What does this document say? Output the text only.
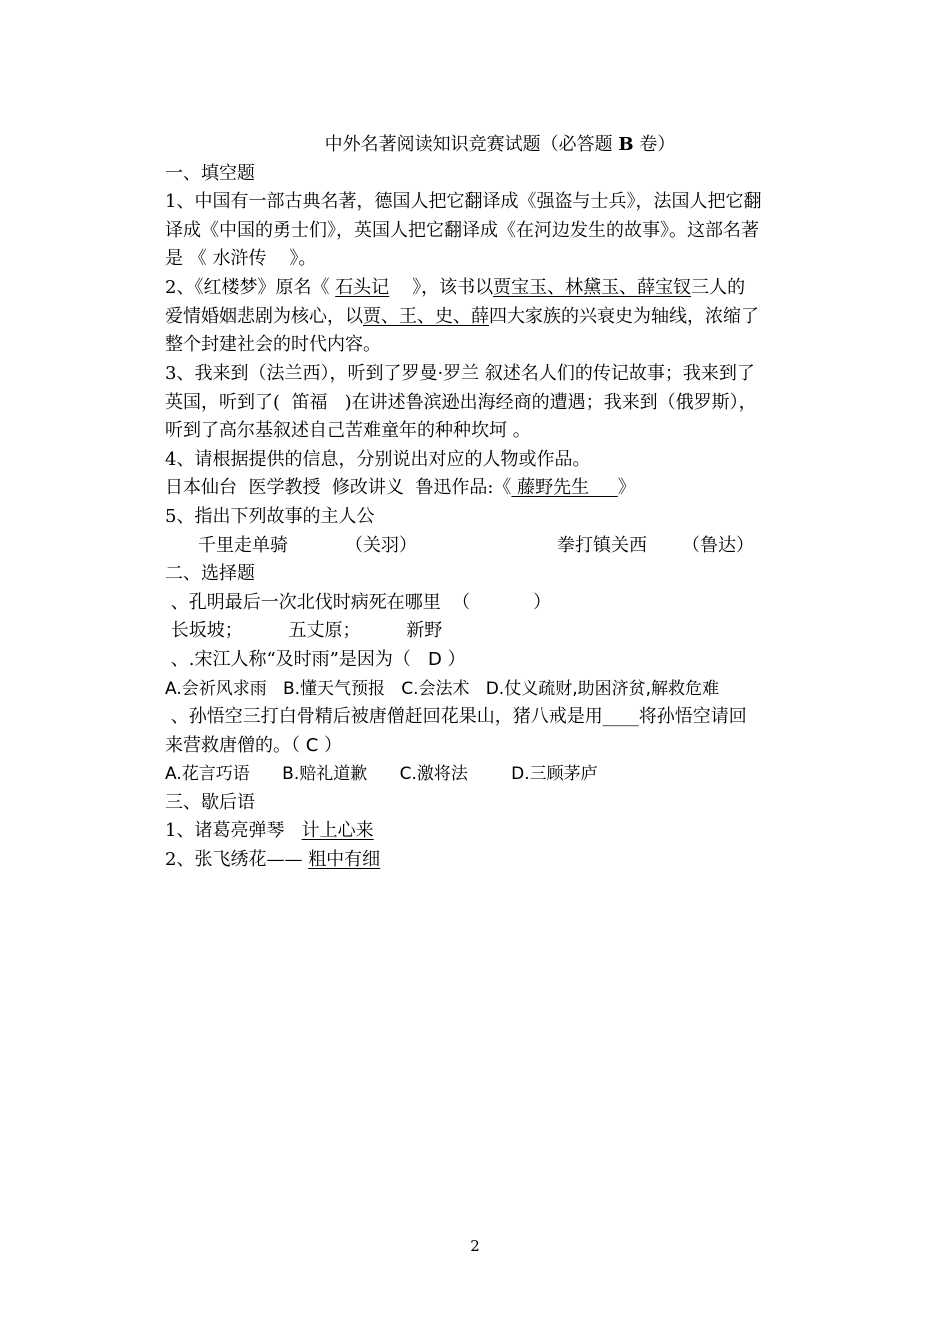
中外名著阅读知识竞赛试题（必答题 B 卷）
一、填空题
1、中国有一部古典名著，德国人把它翻译成《强盗与士兵》，法国人把它翻
译成《中国的勇士们》，英国人把它翻译成《在河边发生的故事》。这部名著
是 《 水浒传    》。
2、《红楼梦》原名《 石头记    》，该书以贾宝玉、林黛玉、薛宝钗三人的
爱情婚姻悲剧为核心，以贾、王、史、薛四大家族的兴衰史为轴线，浓缩了
整个封建社会的时代内容。
3、我来到（法兰西），听到了罗曼·罗兰 叙述名人们的传记故事；我来到了
英国，听到了(  笛福   )在讲述鲁滨逊出海经商的遭遇；我来到（俄罗斯），
听到了高尔基叙述自己苦难童年的种种坎坷 。
4、请根据提供的信息，分别说出对应的人物或作品。
日本仙台  医学教授  修改讲义  鲁迅作品:《 藤野先生     》
5、指出下列故事的主人公
千里走单骑	（关羽）	拳打镇关西 （鲁达）
二、选择题
、孔明最后一次北伐时病死在哪里  （           ）
长坂坡；        五丈原；        新野
、.宋江人称“及时雨”是因为（   D ）
A.会祈风求雨   B.懂天气预报   C.会法术   D.仗义疏财,助困济贫,解救危难
、孙悟空三打白骨精后被唐僧赶回花果山，猪八戒是用____将孙悟空请回
来营救唐僧的。（ C ）
A.花言巧语      B.赔礼道歉      C.激将法        D.三顾茅庐
三、歇后语
1、诸葛亮弹琴   计上心来
2、张飞绣花—— 粗中有细
2
